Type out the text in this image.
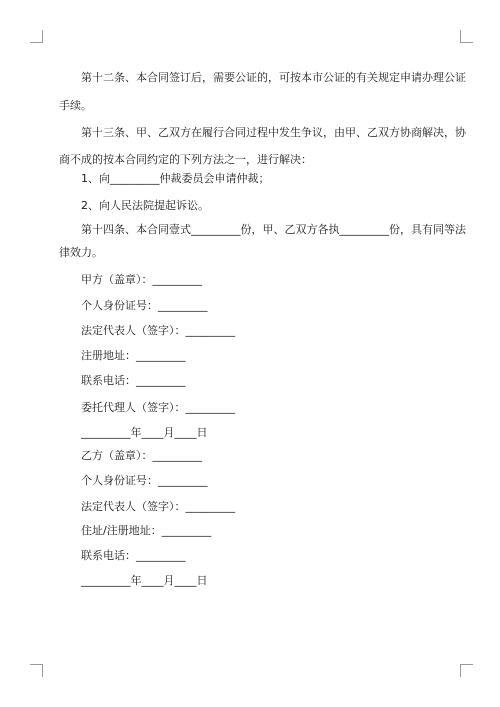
第十二条、本合同签订后，需要公证的，可按本市公证的有关规定申请办理公证
手续。
第十三条、甲、乙双方在履行合同过程中发生争议，由甲、乙双方协商解决，协
商不成的按本合同约定的下列方法之一，进行解决：
1、向_________仲裁委员会申请仲裁；
2、向人民法院提起诉讼。
第十四条、本合同壹式_________份，甲、乙双方各执_________份，具有同等法
律效力。
甲方（盖章）：_________
个人身份证号：_________
法定代表人（签字）：_________
注册地址：_________
联系电话：_________
委托代理人（签字）：_________
_________年____月____日
乙方（盖章）：_________
个人身份证号：_________
法定代表人（签字）：_________
住址/注册地址：_________
联系电话：_________
_________年____月____日
